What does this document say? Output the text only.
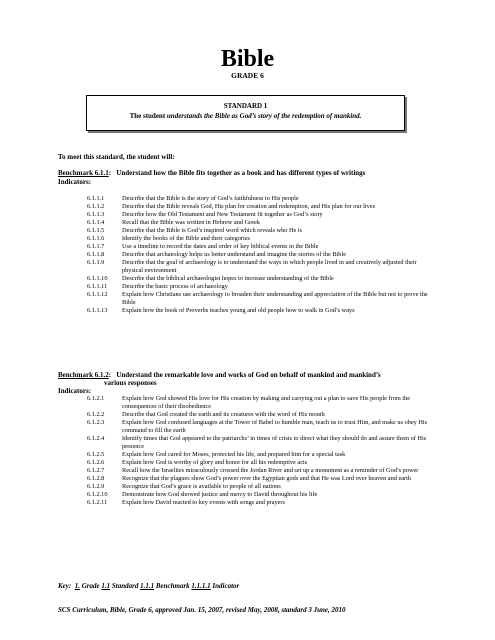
Bible
GRADE 6
STANDARD 1
The student understands the Bible as God’s story of the redemption of mankind.
To meet this standard, the student will:
Benchmark 6.1.1: Understand how the Bible fits together as a book and has different types of writings
Indicators:
6.1.1.1	Describe that the Bible is the story of God’s faithfulness to His people
6.1.1.2	Describe that the Bible reveals God, His plan for creation and redemption, and His plan for our lives
6.1.1.3	Describe how the Old Testament and New Testament fit together as God’s story
6.1.1.4	Recall that the Bible was written in Hebrew and Greek
6.1.1.5	Describe that the Bible is God’s inspired word which reveals who He is
6.1.1.6	Identify the books of the Bible and their categories
6.1.1.7	Use a timeline to record the dates and order of key biblical events in the Bible
6.1.1.8	Describe that archaeology helps us better understand and imagine the stories of the Bible
6.1.1.9	Describe that the goal of archaeology is to understand the ways in which people lived in and creatively adjusted their physical environment
6.1.1.10	Describe that the biblical archaeologist hopes to increase understanding of the Bible
6.1.1.11	Describe the basic process of archaeology
6.1.1.12	Explain how Christians use archaeology to broaden their understanding and appreciation of the Bible but not to prove the Bible
6.1.1.13	Explain how the book of Proverbs teaches young and old people how to walk in God’s ways
Benchmark 6.1.2: Understand the remarkable love and works of God on behalf of mankind and mankind’s
various responses
Indicators:
6.1.2.1	Explain how God showed His love for His creation by making and carrying out a plan to save His people from the consequences of their disobedience
6.1.2.2	Describe that God created the earth and its creatures with the word of His mouth
6.1.2.3	Explain how God confused languages at the Tower of Babel to humble man, teach us to trust Him, and make us obey His command to fill the earth
6.1.2.4	Identify times that God appeared to the patriarchs’ in times of crisis to direct what they should do and assure them of His presence
6.1.2.5	Explain how God cared for Moses, protected his life, and prepared him for a special task
6.1.2.6	Explain how God is worthy of glory and honor for all his redemptive acts
6.1.2.7	Recall how the Israelites miraculously crossed the Jordan River and set up a monument as a reminder of God’s power
6.1.2.8	Recognize that the plagues show God’s power over the Egyptian gods and that He was Lord over heaven and earth
6.1.2.9	Recognize that God’s grace is available to people of all nations
6.1.2.10	Demonstrate how God showed justice and mercy to David throughout his life
6.1.2.11	Explain how David reacted to key events with songs and prayers
Key: 1. Grade 1.1 Standard 1.1.1 Benchmark 1.1.1.1 Indicator
SCS Curriculum, Bible, Grade 6, approved Jan. 15, 2007, revised May, 2008, standard 3 June, 2010
